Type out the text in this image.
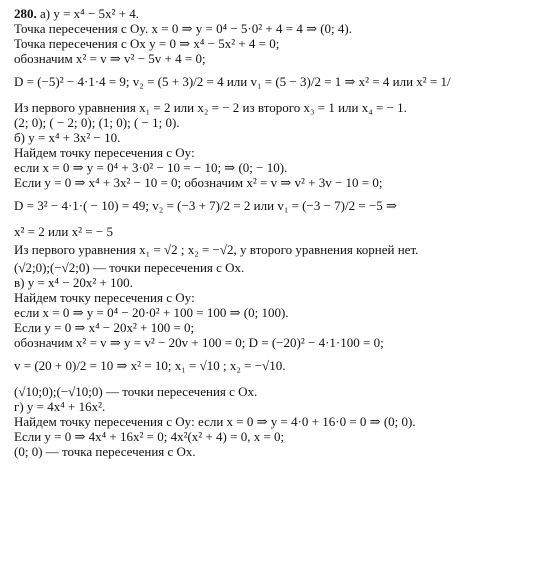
280. а) y = x⁴ − 5x² + 4.
Точка пересечения с Oy. x = 0 ⇒ y = 0⁴ − 5·0² + 4 = 4 ⇒ (0; 4).
Точка пересечения с Ox y = 0 ⇒ x⁴ − 5x² + 4 = 0;
обозначим x² = v ⇒ v² − 5v + 4 = 0;
D = (−5)² − 4·1·4 = 9; v₂ = (5 + 3)/2 = 4 или v₁ = (5 − 3)/2 = 1 ⇒ x² = 4 или x² = 1/
Из первого уравнения x₁ = 2 или x₂ = − 2 из второго x₃ = 1 или x₄ = − 1.
(2; 0); ( − 2; 0); (1; 0); ( − 1; 0).
б) y = x⁴ + 3x² − 10.
Найдем точку пересечения с Oy:
если x = 0 ⇒ y = 0⁴ + 3·0² − 10 = − 10; ⇒ (0; − 10).
Если y = 0 ⇒ x⁴ + 3x² − 10 = 0; обозначим x² = v ⇒ v² + 3v − 10 = 0;
D = 3² − 4·1·( − 10) = 49; v₂ = (−3 + 7)/2 = 2 или v₁ = (−3 − 7)/2 = −5 ⇒
x² = 2 или x² = − 5
Из первого уравнения x₁ = √2 ; x₂ = −√2, у второго уравнения корней нет.
(√2;0);(−√2;0) — точки пересечения с Ox.
в) y = x⁴ − 20x² + 100.
Найдем точку пересечения с Oy:
если x = 0 ⇒ y = 0⁴ − 20·0² + 100 = 100 ⇒ (0; 100).
Если y = 0 ⇒ x⁴ − 20x² + 100 = 0;
обозначим x² = v ⇒ y = v² − 20v + 100 = 0; D = (−20)² − 4·1·100 = 0;
v = (20 + 0)/2 = 10 ⇒ x² = 10; x₁ = √10 ; x₂ = −√10.
(√10;0);(−√10;0) — точки пересечения с Ox.
г) y = 4x⁴ + 16x².
Найдем точку пересечения с Oy: если x = 0 ⇒ y = 4·0 + 16·0 = 0 ⇒ (0; 0).
Если y = 0 ⇒ 4x⁴ + 16x² = 0; 4x²(x² + 4) = 0, x = 0;
(0; 0) — точка пересечения с Ox.
